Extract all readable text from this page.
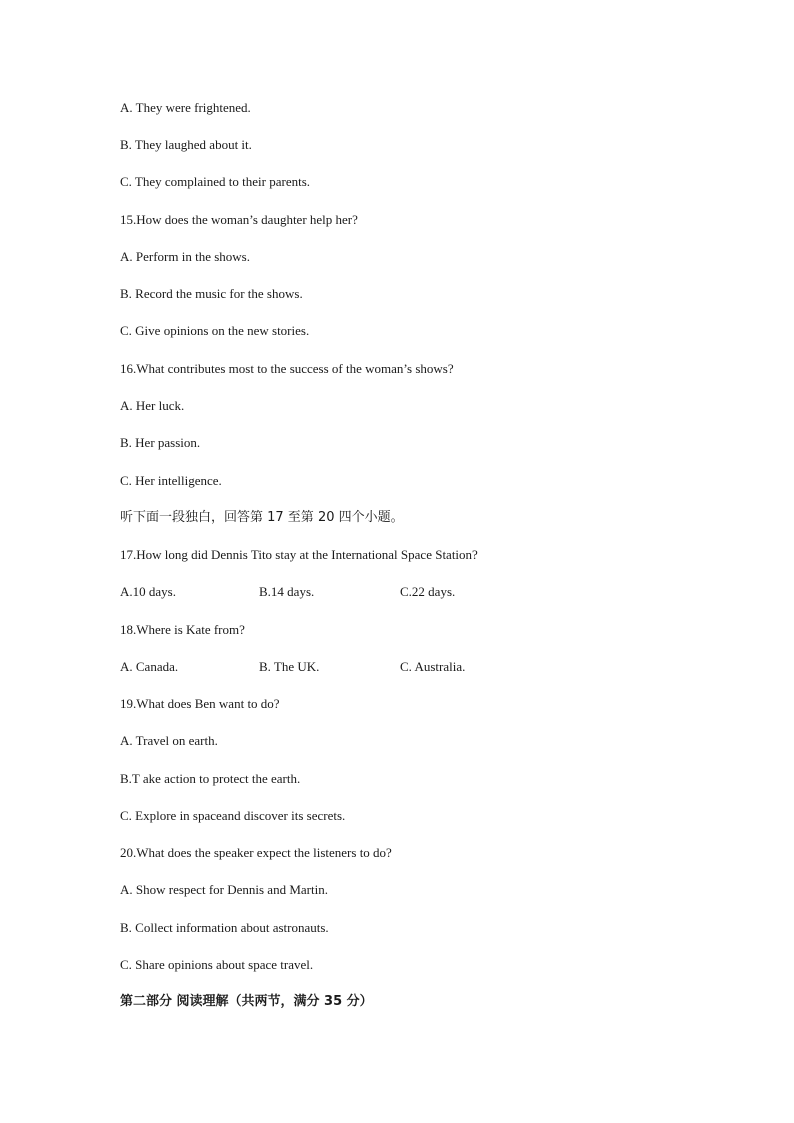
A. They were frightened.
B. They laughed about it.
C. They complained to their parents.
15.How does the woman’s daughter help her?
A. Perform in the shows.
B. Record the music for the shows.
C. Give opinions on the new stories.
16.What contributes most to the success of the woman’s shows?
A. Her luck.
B. Her passion.
C. Her intelligence.
听下面一段独白，回答第 17 至第 20 四个小题。
17.How long did Dennis Tito stay at the International Space Station?
A.10 days.	B.14 days.	C.22 days.
18.Where is Kate from?
A. Canada.	B. The UK.	C. Australia.
19.What does Ben want to do?
A. Travel on earth.
B.T ake action to protect the earth.
C. Explore in spaceand discover its secrets.
20.What does the speaker expect the listeners to do?
A. Show respect for Dennis and Martin.
B. Collect information about astronauts.
C. Share opinions about space travel.
第二部分 阅读理解（共两节，满分 35 分）
